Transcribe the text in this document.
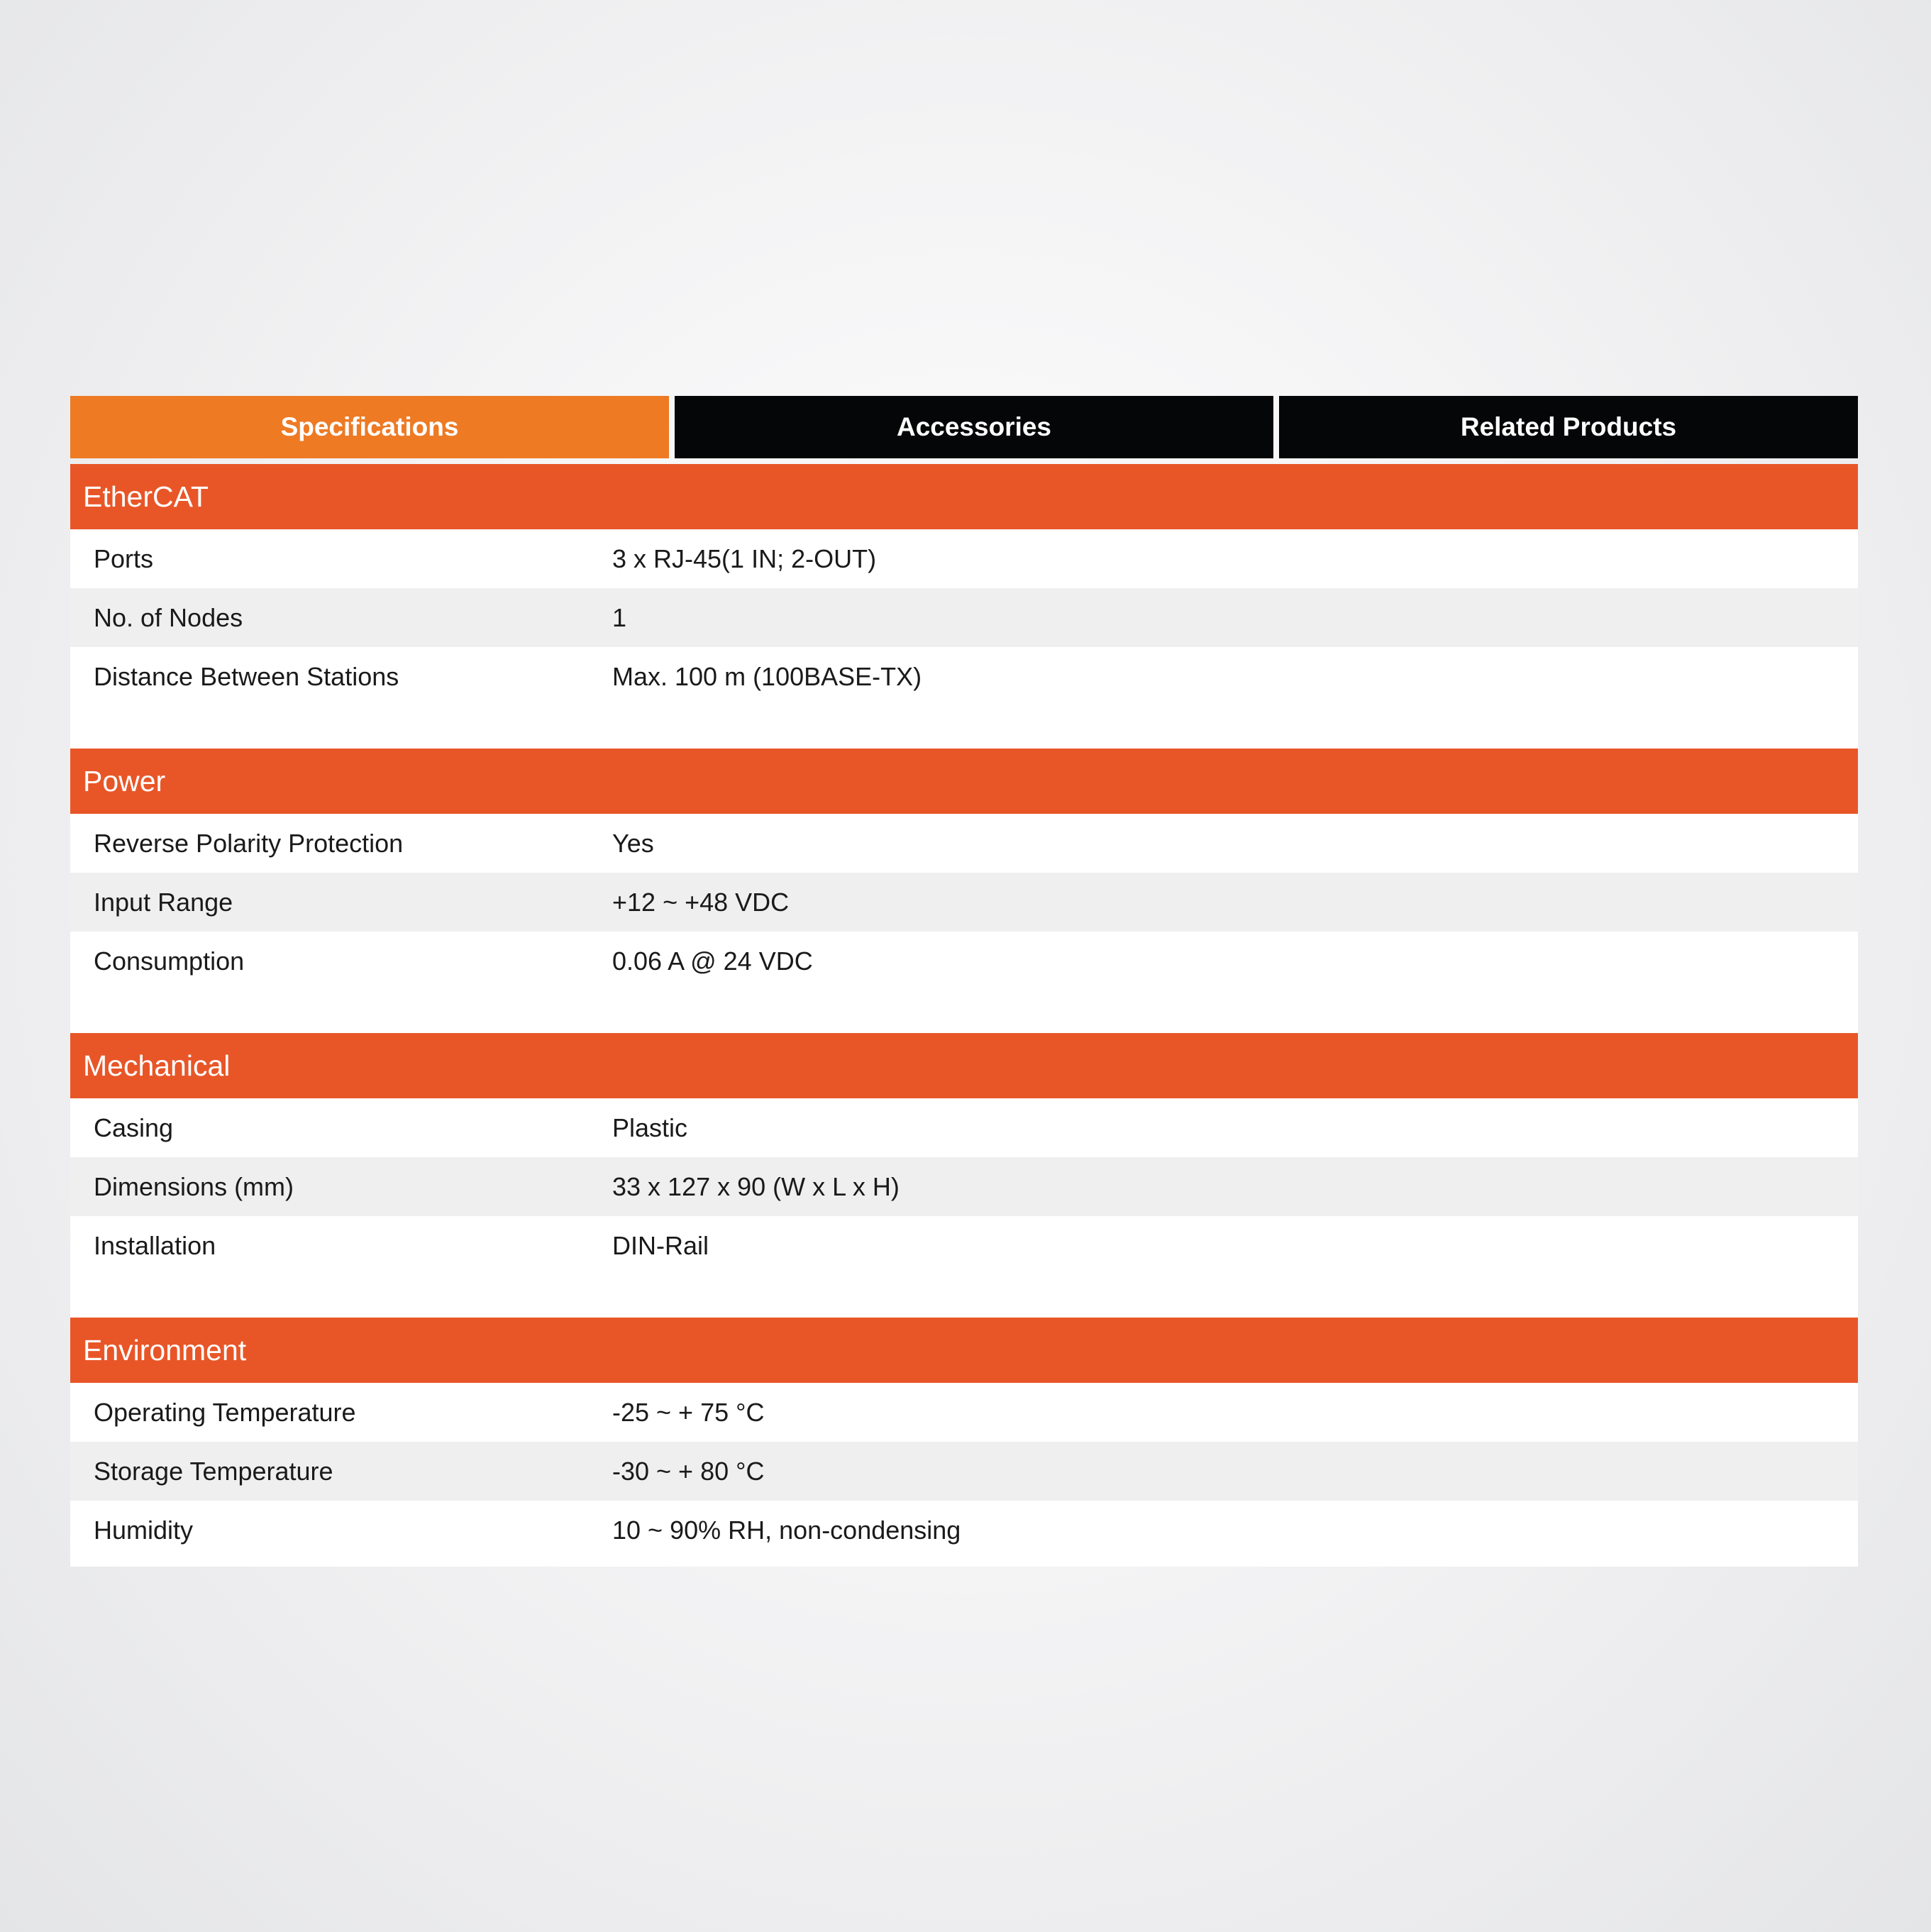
Specifications	Accessories	Related Products
EtherCAT
Ports	3 x RJ-45(1 IN; 2-OUT)
No. of Nodes	1
Distance Between Stations	Max. 100 m (100BASE-TX)
Power
Reverse Polarity Protection	Yes
Input Range	+12 ~ +48 VDC
Consumption	0.06 A @ 24 VDC
Mechanical
Casing	Plastic
Dimensions (mm)	33 x 127 x 90 (W x L x H)
Installation	DIN-Rail
Environment
Operating Temperature	-25 ~ + 75 °C
Storage Temperature	-30 ~ + 80 °C
Humidity	10 ~ 90% RH, non-condensing
